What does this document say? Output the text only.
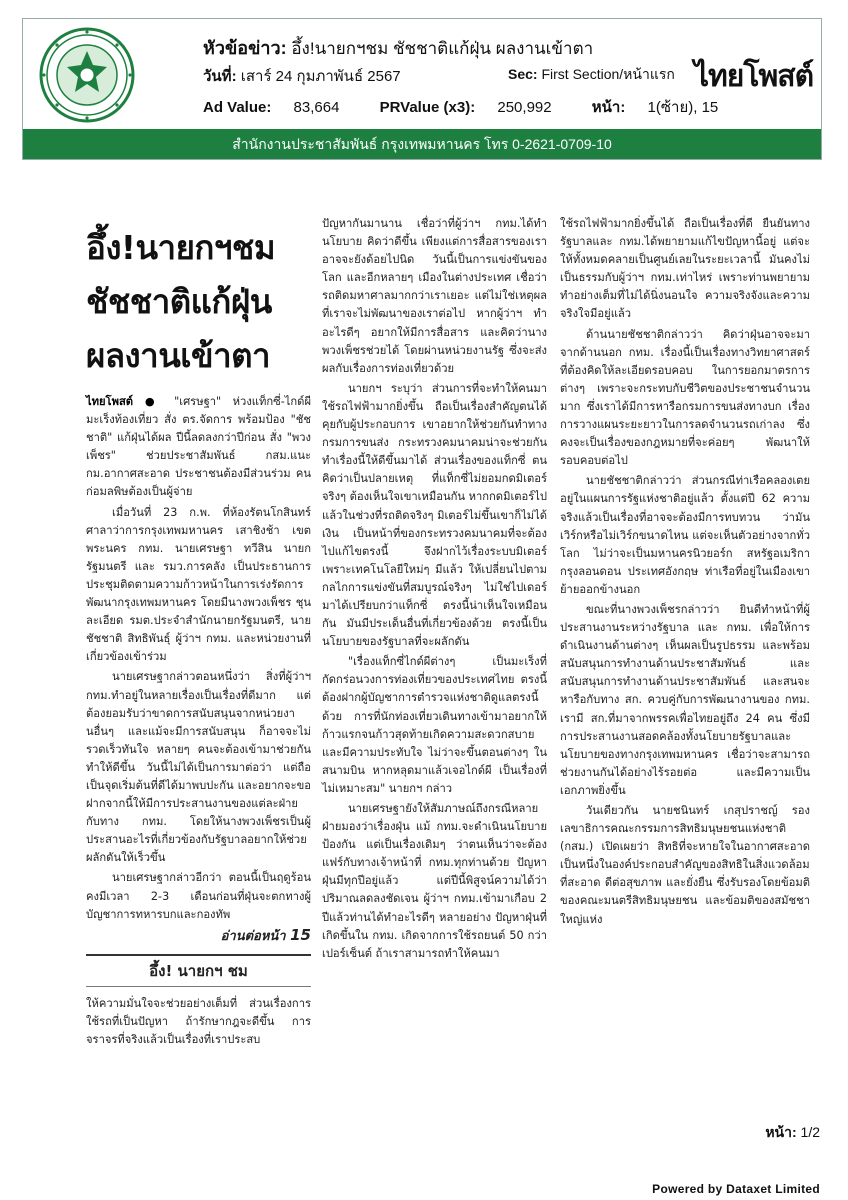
หัวข้อข่าว: อึ้ง!นายกฯชม ชัชชาติแก้ฝุ่น ผลงานเข้าตา
วันที่: เสาร์ 24 กุมภาพันธ์ 2567	Sec: First Section/หน้าแรก
Ad Value: 83,664	PRValue (x3): 250,992	หน้า: 1(ซ้าย), 15
ไทยโพสต์
สำนักงานประชาสัมพันธ์ กรุงเทพมหานคร โทร 0-2621-0709-10
อึ้ง!นายกฯชม ชัชชาติแก้ฝุ่น ผลงานเข้าตา

ไทยโพสต์ ● "เศรษฐา" ห่วงแท็กซี่-ไกด์ผี มะเร็งท้องเที่ยว สั่ง ตร.จัดการ พร้อมป้อง "ชัชชาติ" แก้ฝุ่นได้ผล ปีนี้ลดลงกว่าปีก่อน สั่ง "พวงเพ็ชร" ช่วยประชาสัมพันธ์ กสม.แนะ กม.อากาศสะอาด ประชาชนต้องมีส่วนร่วม คนก่อมลพิษต้องเป็นผู้จ่าย

เมื่อวันที่ 23 ก.พ. ที่ห้องรัตนโกสินทร์ ศาลาว่าการกรุงเทพมหานคร เสาชิงช้า เขตพระนคร กทม. นายเศรษฐา ทวีสิน นายกรัฐมนตรี และ รมว.การคลัง เป็นประธานการประชุมติดตามความก้าวหน้าในการเร่งรัดการพัฒนากรุงเทพมหานคร โดยมีนางพวงเพ็ชร ชุนละเอียด รมต.ประจำสำนักนายกรัฐมนตรี, นายชัชชาติ สิทธิพันธุ์ ผู้ว่าฯ กทม. และหน่วยงานที่เกี่ยวข้องเข้าร่วม

นายเศรษฐากล่าวตอนหนึ่งว่า สิ่งที่ผู้ว่าฯ กทม.ทำอยู่ในหลายเรื่องเป็นเรื่องที่ดีมาก แต่ต้องยอมรับว่าขาดการสนับสนุนจากหน่วยงานอื่นๆ และแม้จะมีการสนับสนุน ก็อาจจะไม่รวดเร็วทันใจ หลายๆ คนจะต้องเข้ามาช่วยกันทำให้ดีขึ้น วันนี้ไม่ได้เป็นการมาต่อว่า แต่ถือเป็นจุดเริ่มต้นที่ดีได้มาพบปะกัน และอยากจะขอฝากจากนี้ให้มีการประสานงานของแต่ละฝ่ายกับทาง กทม. โดยให้นางพวงเพ็ชรเป็นผู้ประสานอะไรที่เกี่ยวข้องกับรัฐบาลอยากให้ช่วยผลักดันให้เร็วขึ้น

นายเศรษฐากล่าวอีกว่า ตอนนี้เป็นฤดูร้อน คงมีเวลา 2-3 เดือนก่อนที่ฝุ่นจะตกทางผู้บัญชาการทหารบกและกองทัพ

อ่านต่อหน้า 15
อึ้ง! นายกฯ ชม

ให้ความมั่นใจจะช่วยอย่างเต็มที่ ส่วนเรื่องการใช้รถที่เป็นปัญหา ถ้ารักษากฎจะดีขึ้น การจราจรที่จริงแล้วเป็นเรื่องที่เราประสบ

ปัญหากันมานาน เชื่อว่าที่ผู้ว่าฯ กทม.ได้ทำนโยบาย คิดว่าดีขึ้น เพียงแต่การสื่อสารของเราอาจจะยังด้อยไปนิด วันนี้เป็นการแข่งขันของโลก และอีกหลายๆ เมืองในต่างประเทศ เชื่อว่ารถติดมหาศาลมากกว่าเราเยอะ แต่ไม่ใช่เหตุผลที่เราจะไม่พัฒนาของเราต่อไป หากผู้ว่าฯ ทำอะไรดีๆ อยากให้มีการสื่อสาร และคิดว่านางพวงเพ็ชรช่วยได้ โดยผ่านหน่วยงานรัฐ ซึ่งจะส่งผลกับเรื่องการท่องเที่ยวด้วย

นายกฯ ระบุว่า ส่วนการที่จะทำให้คนมาใช้รถไฟฟ้ามากยิ่งขึ้น ถือเป็นเรื่องสำคัญตนได้คุยกับผู้ประกอบการ เขาอยากให้ช่วยกันทำทางกรมการขนส่ง กระทรวงคมนาคมน่าจะช่วยกันทำเรื่องนี้ให้ดีขึ้นมาได้ ส่วนเรื่องของแท็กซี่ ตนคิดว่าเป็นปลายเหตุ ที่แท็กซี่ไม่ยอมกดมิเตอร์ จริงๆ ต้องเห็นใจเขาเหมือนกัน หากกดมิเตอร์ไปแล้วในช่วงที่รถติดจริงๆ มิเตอร์ไม่ขึ้นเขาก็ไม่ได้เงิน เป็นหน้าที่ของกระทรวงคมนาคมที่จะต้องไปแก้ไขตรงนี้ จึงฝากไว้เรื่องระบบมิเตอร์ เพราะเทคโนโลยีใหม่ๆ มีแล้ว ให้เปลี่ยนไปตามกลไกการแข่งขันที่สมบูรณ์จริงๆ ไม่ใช่ไปเดอร์มาได้เปรียบกว่าแท็กซี่ ตรงนี้น่าเห็นใจเหมือนกัน มันมีประเด็นอื่นที่เกี่ยวข้องด้วย ตรงนี้เป็นนโยบายของรัฐบาลที่จะผลักดัน

"เรื่องแท็กซี่ไกด์ผีต่างๆ เป็นมะเร็งที่กัดกร่อนวงการท่องเที่ยวของประเทศไทย ตรงนี้ต้องฝากผู้บัญชาการตำรวจแห่งชาติดูแลตรงนี้ด้วย การที่นักท่องเที่ยวเดินทางเข้ามาอยากให้ก้าวแรกจนก้าวสุดท้ายเกิดความสะดวกสบายและมีความประทับใจ ไม่ว่าจะขึ้นตอนต่างๆ ในสนามบิน หากหลุดมาแล้วเจอไกด์ผี เป็นเรื่องที่ไม่เหมาะสม" นายกฯ กล่าว

นายเศรษฐายังให้สัมภาษณ์ถึงกรณีหลายฝ่ายมองว่าเรื่องฝุ่น แม้ กทม.จะดำเนินนโยบายป้องกัน แต่เป็นเรื่องเดิมๆ ว่าตนเห็นว่าจะต้องแฟร์กับทางเจ้าหน้าที่ กทม.ทุกท่านด้วย ปัญหาฝุ่นมีทุกปีอยู่แล้ว แต่ปีนี้พิสูจน์ความได้ว่าปริมาณลดลงชัดเจน ผู้ว่าฯ กทม.เข้ามาเกือบ 2 ปีแล้วท่านได้ทำอะไรดีๆ หลายอย่าง ปัญหาฝุ่นที่เกิดขึ้นใน กทม. เกิดจากการใช้รถยนต์ 50 กว่าเปอร์เซ็นต์ ถ้าเราสามารถทำให้คนมา

ใช้รถไฟฟ้ามากยิ่งขึ้นได้ ถือเป็นเรื่องที่ดี ยืนยันทางรัฐบาลและ กทม.ได้พยายามแก้ไขปัญหานี้อยู่ แต่จะให้ทั้งหมดคลายเป็นศูนย์เลยในระยะเวลานี้ มันคงไม่เป็นธรรมกับผู้ว่าฯ กทม.เท่าไหร่ เพราะท่านพยายามทำอย่างเต็มที่ไม่ได้นิ่งนอนใจ ความจริงจังและความจริงใจมีอยู่แล้ว

ด้านนายชัชชาติกล่าวว่า คิดว่าฝุ่นอาจจะมาจากด้านนอก กทม. เรื่องนี้เป็นเรื่องทางวิทยาศาสตร์ที่ต้องคิดให้ละเอียดรอบคอบ ในการยอกมาตรการต่างๆ เพราะจะกระทบกับชีวิตของประชาชนจำนวนมาก ซึ่งเราได้มีการหารือกรมการขนส่งทางบก เรื่องการวางแผนระยะยาวในการลดจำนวนรถเก่าลง ซึ่งคงจะเป็นเรื่องของกฎหมายที่จะค่อยๆ พัฒนาให้รอบคอบต่อไป

นายชัชชาติกล่าวว่า ส่วนกรณีท่าเรือคลองเตย อยู่ในแผนการรัฐแห่งชาติอยู่แล้ว ตั้งแต่ปี 62 ความจริงแล้วเป็นเรื่องที่อาจจะต้องมีการทบทวน ว่ามันเวิร์กหรือไม่เวิร์กขนาดไหน แต่จะเห็นตัวอย่างจากทั่วโลก ไม่ว่าจะเป็นมหานครนิวยอร์ก สหรัฐอเมริกา กรุงลอนดอน ประเทศอังกฤษ ท่าเรือที่อยู่ในเมืองเขาย้ายออกข้างนอก

ขณะที่นางพวงเพ็ชรกล่าวว่า ยินดีทำหน้าที่ผู้ประสานงานระหว่างรัฐบาล และ กทม. เพื่อให้การดำเนินงานด้านต่างๆ เห็นผลเป็นรูปธรรม และพร้อมสนับสนุนการทำงานด้านประชาสัมพันธ์ และสนับสนุนการทำงานด้านประชาสัมพันธ์ และสนจะหารือกับทาง สก. ควบคู่กับการพัฒนางานของ กทม. เรามี สก.ที่มาจากพรรคเพื่อไทยอยู่ถึง 24 คน ซึ่งมีการประสานงานสอดคล้องทั้งนโยบายรัฐบาลและนโยบายของทางกรุงเทพมหานคร เชื่อว่าจะสามารถช่วยงานกันได้อย่างไร้รอยต่อ และมีความเป็นเอกภาพยิ่งขึ้น

วันเดียวกัน นายชนินทร์ เกสุปราชญ์ รองเลขาธิการคณะกรรมการสิทธิมนุษยชนแห่งชาติ (กสม.) เปิดเผยว่า สิทธิที่จะหายใจในอากาศสะอาด เป็นหนึ่งในองค์ประกอบสำคัญของสิทธิในสิ่งแวดล้อมที่สะอาด ดีต่อสุขภาพ และยั่งยืน ซึ่งรับรองโดยข้อมติของคณะมนตรีสิทธิมนุษยชน และข้อมติของสมัชชาใหญ่แห่ง

หน้า: 1/2
Powered by Dataxet Limited
